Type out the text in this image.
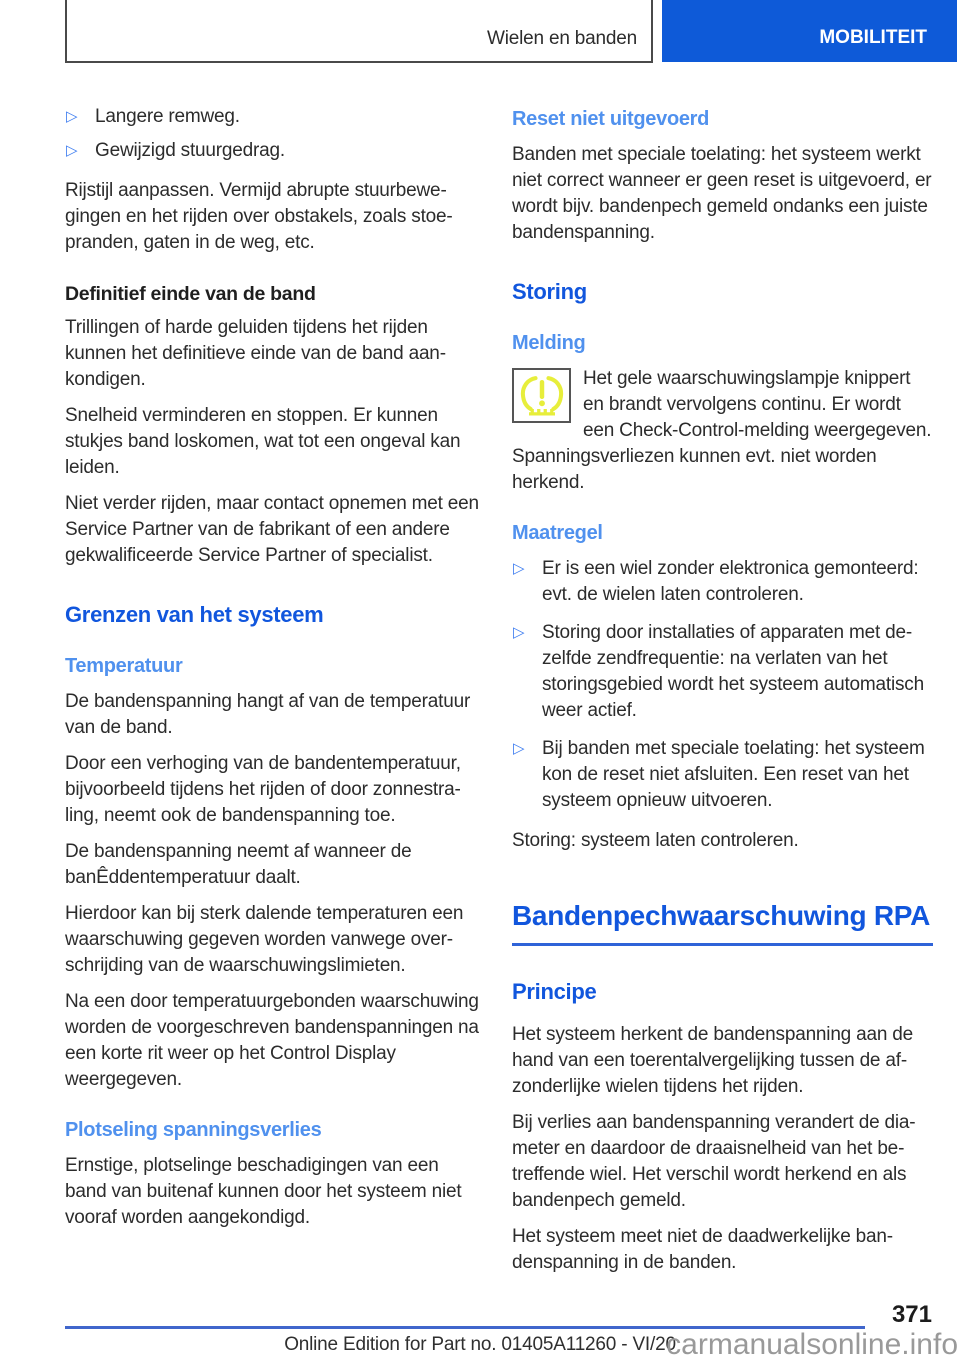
Wielen en banden	MOBILITEIT
▷ Langere remweg.
▷ Gewijzigd stuurgedrag.

Rijstijl aanpassen. Vermijd abrupte stuurbewegingen en het rijden over obstakels, zoals stoepranden, gaten in de weg, etc.

Definitief einde van de band

Trillingen of harde geluiden tijdens het rijden kunnen het definitieve einde van de band aankondigen.

Snelheid verminderen en stoppen. Er kunnen stukjes band loskomen, wat tot een ongeval kan leiden.

Niet verder rijden, maar contact opnemen met een Service Partner van de fabrikant of een andere gekwalificeerde Service Partner of specialist.

Grenzen van het systeem
Temperatuur

De bandenspanning hangt af van de temperatuur van de band.

Door een verhoging van de bandentemperatuur, bijvoorbeeld tijdens het rijden of door zonnestraling, neemt ook de bandenspanning toe.

De bandenspanning neemt af wanneer de banÊddentemperatuur daalt.

Hierdoor kan bij sterk dalende temperaturen een waarschuwing gegeven worden vanwege overschrijding van de waarschuwingslimieten.

Na een door temperatuurgebonden waarschuwing worden de voorgeschreven bandenspanningen na een korte rit weer op het Control Display weergegeven.

Plotseling spanningsverlies

Ernstige, plotselinge beschadigingen van een band van buitenaf kunnen door het systeem niet vooraf worden aangekondigd.

Reset niet uitgevoerd

Banden met speciale toelating: het systeem werkt niet correct wanneer er geen reset is uitgevoerd, er wordt bijv. bandenpech gemeld ondanks een juiste bandenspanning.

Storing
Melding
Het gele waarschuwingslampje knippert en brandt vervolgens continu. Er wordt een Check-Control-melding weergegeven. Spanningsverliezen kunnen evt. niet worden herkend.
Maatregel
▷ Er is een wiel zonder elektronica gemonteerd: evt. de wielen laten controleren.
▷ Storing door installaties of apparaten met dezelfde zendfrequentie: na verlaten van het storingsgebied wordt het systeem automatisch weer actief.
▷ Bij banden met speciale toelating: het systeem kon de reset niet afsluiten. Een reset van het systeem opnieuw uitvoeren.

Storing: systeem laten controleren.

Bandenpechwaarschuwing RPA
Principe

Het systeem herkent de bandenspanning aan de hand van een toerentalvergelijking tussen de afzonderlijke wielen tijdens het rijden.

Bij verlies aan bandenspanning verandert de diameter en daardoor de draaisnelheid van het betreffende wiel. Het verschil wordt herkend en als bandenpech gemeld.

Het systeem meet niet de daadwerkelijke bandenspanning in de banden.

371
Online Edition for Part no. 01405A11260 - VI/20
carmanualsonline.info
